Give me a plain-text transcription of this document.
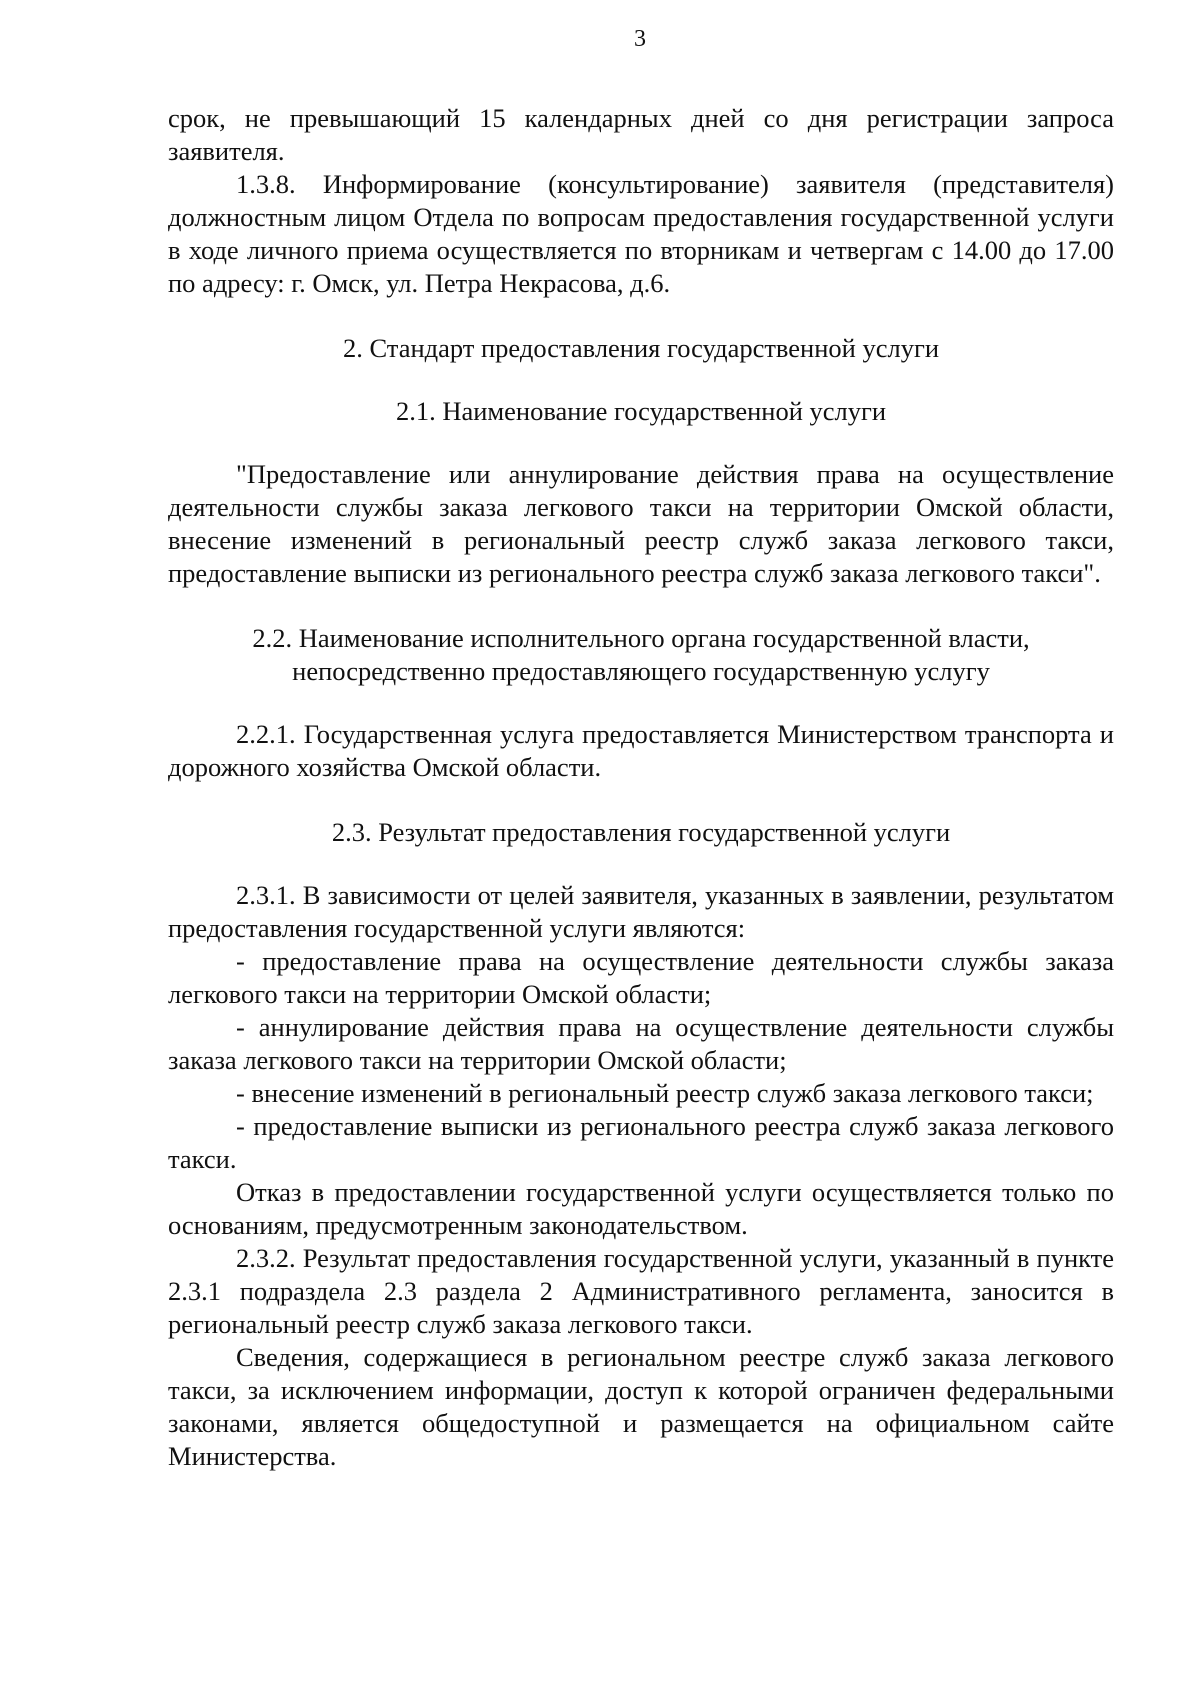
3

срок, не превышающий 15 календарных дней со дня регистрации запроса заявителя.

1.3.8. Информирование (консультирование) заявителя (представителя) должностным лицом Отдела по вопросам предоставления государственной услуги в ходе личного приема осуществляется по вторникам и четвергам с 14.00 до 17.00 по адресу: г. Омск, ул. Петра Некрасова, д.6.

2. Стандарт предоставления государственной услуги

2.1. Наименование государственной услуги

"Предоставление или аннулирование действия права на осуществление деятельности службы заказа легкового такси на территории Омской области, внесение изменений в региональный реестр служб заказа легкового такси, предоставление выписки из регионального реестра служб заказа легкового такси".

2.2. Наименование исполнительного органа государственной власти, непосредственно предоставляющего государственную услугу

2.2.1. Государственная услуга предоставляется Министерством транспорта и дорожного хозяйства Омской области.

2.3. Результат предоставления государственной услуги

2.3.1. В зависимости от целей заявителя, указанных в заявлении, результатом предоставления государственной услуги являются:

- предоставление права на осуществление деятельности службы заказа легкового такси на территории Омской области;

- аннулирование действия права на осуществление деятельности службы заказа легкового такси на территории Омской области;

- внесение изменений в региональный реестр служб заказа легкового такси;

- предоставление выписки из регионального реестра служб заказа легкового такси.

Отказ в предоставлении государственной услуги осуществляется только по основаниям, предусмотренным законодательством.

2.3.2. Результат предоставления государственной услуги, указанный в пункте 2.3.1 подраздела 2.3 раздела 2 Административного регламента, заносится в региональный реестр служб заказа легкового такси.

Сведения, содержащиеся в региональном реестре служб заказа легкового такси, за исключением информации, доступ к которой ограничен федеральными законами, является общедоступной и размещается на официальном сайте Министерства.
